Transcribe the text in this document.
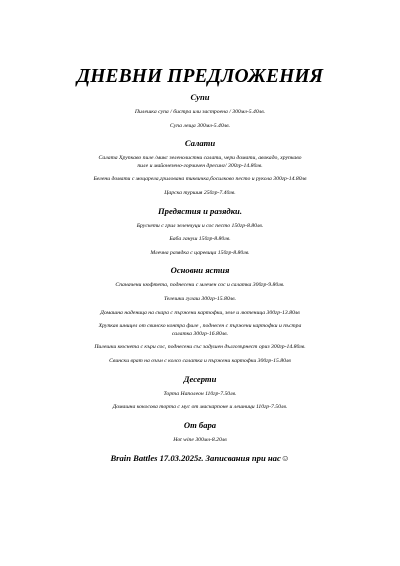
ДНЕВНИ ПРЕДЛОЖЕНИЯ
Супи

Пилешка супа / бистра или застроена / 300мл-5.40лв.

Супа леща 300мл-5.40лв.

Салати

Салата Хрупкаво пиле /микс зеленолистни салати, чери домати, авокадо, хрупкаво

пиле и майонезено-горчичен дресинг/ 300гр-14.80лв.

Белени домати с моцарела,грилована тиквичка,босилково песто и рукола 300гр-14.80лв

Царска туршия 250гр-7.40лв.

Предястия и разядки.

Брускети с грил зеленчуци и сос песто 150гр-8.80лв.

Баба гануш 150гр-8.80лв.

Млечна разядка с царевица 150гр-8.80лв.

Основни ястия

Спаначени кюфтета, поднесени с млечен сос и салатка 300гр-9.80лв.

Телешки гулаш 300гр-15.80лв.

Домашна наденица на скара с пържени картофки, зеле и лютеница 300гр-13.80лв

Хрупкав шницел от свинско контра филе , поднесен с пържени картофки и пъстра

салатка 300гр-16.80лв.

Пилешки кюснета с къри сос, поднесени със задушен дългозърнест ориз 300гр-14.80лв.

Свински врат на оъън с колсо салатка и пържени картофки 300гр-15.80лв

Десерти

Торта Наполеон 110гр-7.50лв.

Домашна кокосова торта с мус от маскарпоне и лешници 110гр-7.50лв.

От бара

Hot wine 300мл-8.20лв

Brain Battles 17.03.2025г. Записвания при нас☺
